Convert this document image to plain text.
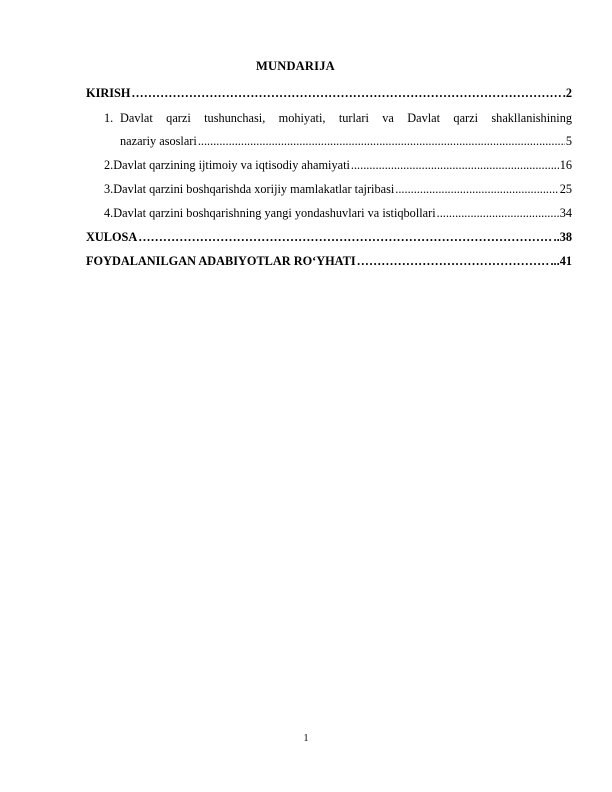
MUNDARIJA
KIRISH ………………………………………………………………………………………………………………………………………………………………………………	.2
1. Davlat qarzi tushunchasi, mohiyati, turlari va Davlat qarzi shakllanishining
nazariy asoslari .....	5
2. Davlat qarzining ijtimoiy va iqtisodiy ahamiyati .....	16
3. Davlat qarzini boshqarishda xorijiy mamlakatlar tajribasi .....	25
4. Davlat qarzini boshqarishning yangi yondashuvlari va istiqbollari .....	34
XULOSA ………………………………………………………………………………………………………………………………………………………………………………	..38
FOYDALANILGAN ADABIYOTLAR RO‘YHATI ………………………………………………………………………………………………………………………………………………………………………………	...41
1
